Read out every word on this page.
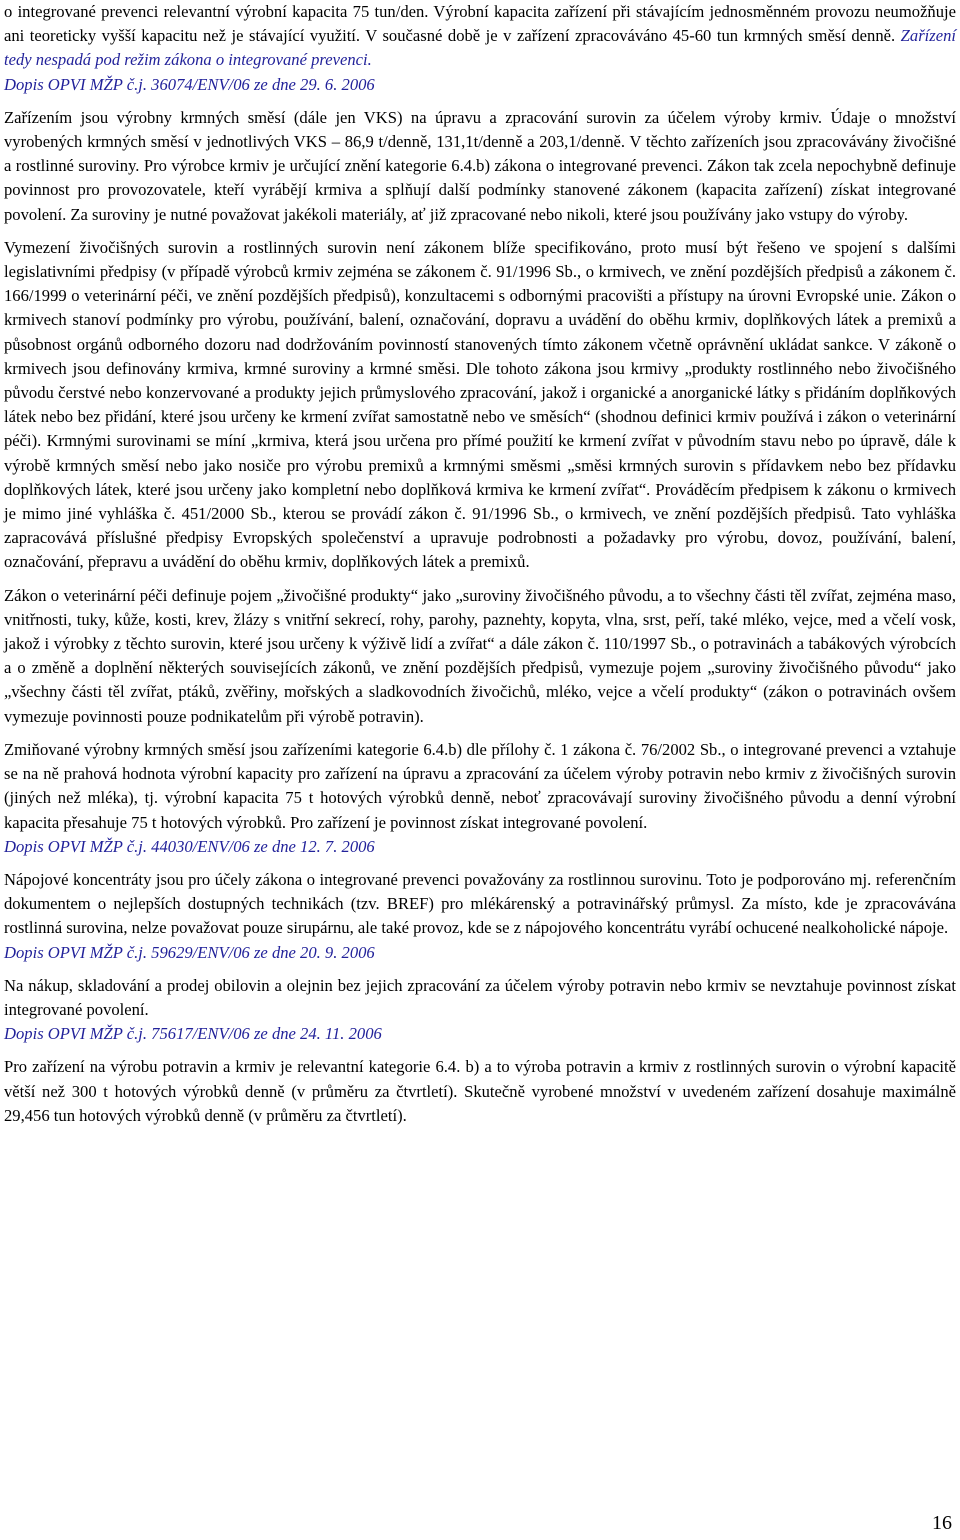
o integrované prevenci relevantní výrobní kapacita 75 tun/den. Výrobní kapacita zařízení při stávajícím jednosměnném provozu neumožňuje ani teoreticky vyšší kapacitu než je stávající využití. V současné době je v zařízení zpracováváno 45-60 tun krmných směsí denně. Zařízení tedy nespadá pod režim zákona o integrované prevenci.

Dopis OPVI MŽP č.j. 36074/ENV/06 ze dne 29. 6. 2006

Zařízením jsou výrobny krmných směsí (dále jen VKS) na úpravu a zpracování surovin za účelem výroby krmiv. Údaje o množství vyrobených krmných směsí v jednotlivých VKS – 86,9 t/denně, 131,1t/denně a 203,1/denně. V těchto zařízeních jsou zpracovávány živočišné a rostlinné suroviny. Pro výrobce krmiv je určující znění kategorie 6.4.b) zákona o integrované prevenci. Zákon tak zcela nepochybně definuje povinnost pro provozovatele, kteří vyrábějí krmiva a splňují další podmínky stanovené zákonem (kapacita zařízení) získat integrované povolení. Za suroviny je nutné považovat jakékoli materiály, ať již zpracované nebo nikoli, které jsou používány jako vstupy do výroby.

Vymezení živočišných surovin a rostlinných surovin není zákonem blíže specifikováno, proto musí být řešeno ve spojení s dalšími legislativními předpisy (v případě výrobců krmiv zejména se zákonem č. 91/1996 Sb., o krmivech, ve znění pozdějších předpisů a zákonem č. 166/1999 o veterinární péči, ve znění pozdějších předpisů), konzultacemi s odbornými pracovišti a přístupy na úrovni Evropské unie. Zákon o krmivech stanoví podmínky pro výrobu, používání, balení, označování, dopravu a uvádění do oběhu krmiv, doplňkových látek a premixů a působnost orgánů odborného dozoru nad dodržováním povinností stanovených tímto zákonem včetně oprávnění ukládat sankce. V zákoně o krmivech jsou definovány krmiva, krmné suroviny a krmné směsi. Dle tohoto zákona jsou krmivy „produkty rostlinného nebo živočišného původu čerstvé nebo konzervované a produkty jejich průmyslového zpracování, jakož i organické a anorganické látky s přidáním doplňkových látek nebo bez přidání, které jsou určeny ke krmení zvířat samostatně nebo ve směsích“ (shodnou definici krmiv používá i zákon o veterinární péči). Krmnými surovinami se míní „krmiva, která jsou určena pro přímé použití ke krmení zvířat v původním stavu nebo po úpravě, dále k výrobě krmných směsí nebo jako nosiče pro výrobu premixů a krmnými směsmi „směsi krmných surovin s přídavkem nebo bez přídavku doplňkových látek, které jsou určeny jako kompletní nebo doplňková krmiva ke krmení zvířat“. Prováděcím předpisem k zákonu o krmivech je mimo jiné vyhláška č. 451/2000 Sb., kterou se provádí zákon č. 91/1996 Sb., o krmivech, ve znění pozdějších předpisů. Tato vyhláška zapracovává příslušné předpisy Evropských společenství a upravuje podrobnosti a požadavky pro výrobu, dovoz, používání, balení, označování, přepravu a uvádění do oběhu krmiv, doplňkových látek a premixů.

Zákon o veterinární péči definuje pojem „živočišné produkty“ jako „suroviny živočišného původu, a to všechny části těl zvířat, zejména maso, vnitřnosti, tuky, kůže, kosti, krev, žlázy s vnitřní sekrecí, rohy, parohy, paznehty, kopyta, vlna, srst, peří, také mléko, vejce, med a včelí vosk, jakož i výrobky z těchto surovin, které jsou určeny k výživě lidí a zvířat“ a dále zákon č. 110/1997 Sb., o potravinách a tabákových výrobcích a o změně a doplnění některých souvisejících zákonů, ve znění pozdějších předpisů, vymezuje pojem „suroviny živočišného původu“ jako „všechny části těl zvířat, ptáků, zvěřiny, mořských a sladkovodních živočichů, mléko, vejce a včelí produkty“ (zákon o potravinách ovšem vymezuje povinnosti pouze podnikatelům při výrobě potravin).

Zmiňované výrobny krmných směsí jsou zařízeními kategorie 6.4.b) dle přílohy č. 1 zákona č. 76/2002 Sb., o integrované prevenci a vztahuje se na ně prahová hodnota výrobní kapacity pro zařízení na úpravu a zpracování za účelem výroby potravin nebo krmiv z živočišných surovin (jiných než mléka), tj. výrobní kapacita 75 t hotových výrobků denně, neboť zpracovávají suroviny živočišného původu a denní výrobní kapacita přesahuje 75 t hotových výrobků. Pro zařízení je povinnost získat integrované povolení.

Dopis OPVI MŽP č.j. 44030/ENV/06 ze dne 12. 7. 2006

Nápojové koncentráty jsou pro účely zákona o integrované prevenci považovány za rostlinnou surovinu. Toto je podporováno mj. referenčním dokumentem o nejlepších dostupných technikách (tzv. BREF) pro mlékárenský a potravinářský průmysl. Za místo, kde je zpracovávána rostlinná surovina, nelze považovat pouze sirupárnu, ale také provoz, kde se z nápojového koncentrátu vyrábí ochucené nealkoholické nápoje.

Dopis OPVI MŽP č.j. 59629/ENV/06 ze dne 20. 9. 2006

Na nákup, skladování a prodej obilovin a olejnin bez jejich zpracování za účelem výroby potravin nebo krmiv se nevztahuje povinnost získat integrované povolení.

Dopis OPVI MŽP č.j. 75617/ENV/06 ze dne 24. 11. 2006

Pro zařízení na výrobu potravin a krmiv je relevantní kategorie 6.4. b) a to výroba potravin a krmiv z rostlinných surovin o výrobní kapacitě větší než 300 t hotových výrobků denně (v průměru za čtvrtletí). Skutečně vyrobené množství v uvedeném zařízení dosahuje maximálně 29,456 tun hotových výrobků denně (v průměru za čtvrtletí).

16
